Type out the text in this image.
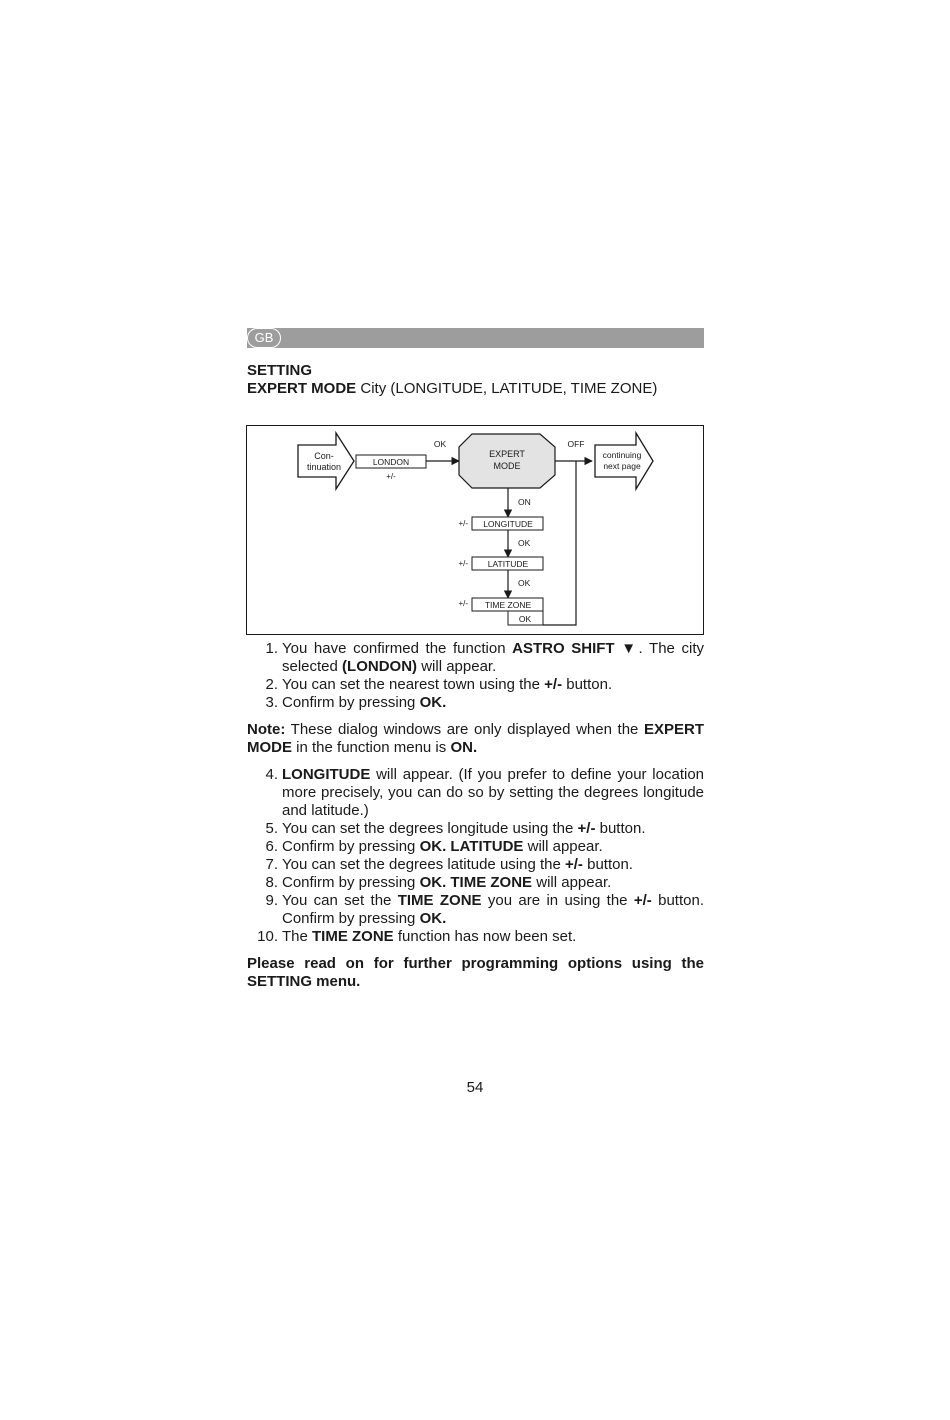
GB
SETTING
EXPERT MODE City (LONGITUDE, LATITUDE, TIME ZONE)
Con-
tinuation	LONDON
+/-
OK
EXPERT
MODE
OFF
continuing
next page
ON
+/- LONGITUDE
OK
+/- LATITUDE
OK
+/- TIME ZONE
OK
1. You have confirmed the function ASTRO SHIFT ▼. The city selected (LONDON) will appear.
2. You can set the nearest town using the +/- button.
3. Confirm by pressing OK.
Note: These dialog windows are only displayed when the EXPERT MODE in the function menu is ON.
4. LONGITUDE will appear. (If you prefer to define your location more precisely, you can do so by setting the degrees longitude and latitude.)
5. You can set the degrees longitude using the +/- button.
6. Confirm by pressing OK. LATITUDE will appear.
7. You can set the degrees latitude using the +/- button.
8. Confirm by pressing OK. TIME ZONE will appear.
9. You can set the TIME ZONE you are in using the +/- button. Confirm by pressing OK.
10. The TIME ZONE function has now been set.
Please read on for further programming options using the SETTING menu.
54
